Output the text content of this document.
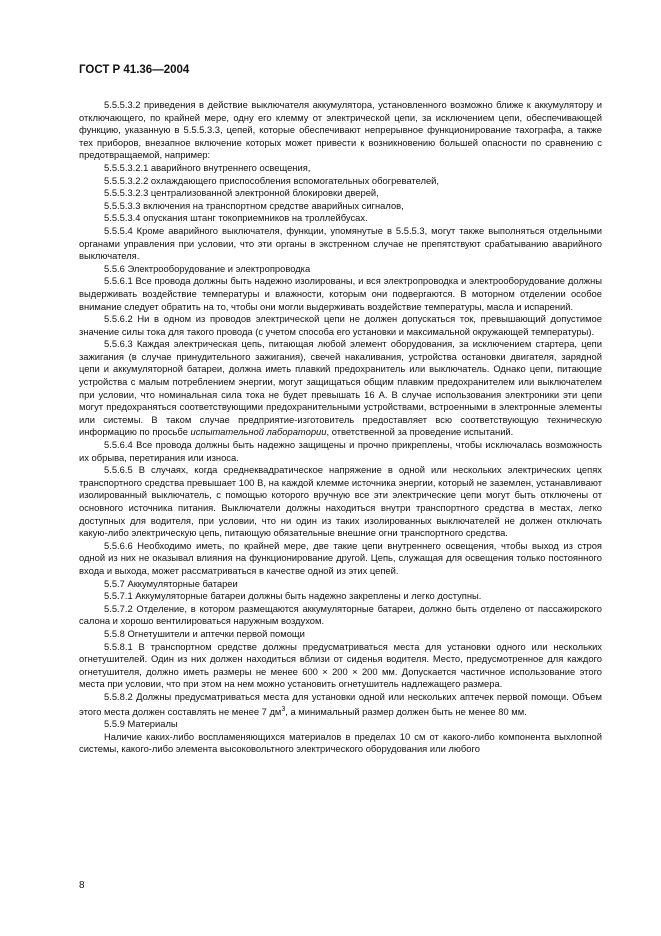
ГОСТ Р 41.36—2004

5.5.5.3.2 приведения в действие выключателя аккумулятора, установленного возможно ближе к аккумулятору и отключающего, по крайней мере, одну его клемму от электрической цепи, за исключением цепи, обеспечивающей функцию, указанную в 5.5.5.3.3, цепей, которые обеспечивают непрерывное функционирование тахографа, а также тех приборов, внезапное включение которых может привести к возникновению большей опасности по сравнению с предотвращаемой, например:

5.5.5.3.2.1 аварийного внутреннего освещения,

5.5.5.3.2.2 охлаждающего приспособления вспомогательных обогревателей,

5.5.5.3.2.3 централизованной электронной блокировки дверей,

5.5.5.3.3 включения на транспортном средстве аварийных сигналов,

5.5.5.3.4 опускания штанг токоприемников на троллейбусах.

5.5.5.4 Кроме аварийного выключателя, функции, упомянутые в 5.5.5.3, могут также выполняться отдельными органами управления при условии, что эти органы в экстренном случае не препятствуют срабатыванию аварийного выключателя.

5.5.6 Электрооборудование и электропроводка

5.5.6.1 Все провода должны быть надежно изолированы, и вся электропроводка и электрооборудование должны выдерживать воздействие температуры и влажности, которым они подвергаются. В моторном отделении особое внимание следует обратить на то, чтобы они могли выдерживать воздействие температуры, масла и испарений.

5.5.6.2 Ни в одном из проводов электрической цепи не должен допускаться ток, превышающий допустимое значение силы тока для такого провода (с учетом способа его установки и максимальной окружающей температуры).

5.5.6.3 Каждая электрическая цепь, питающая любой элемент оборудования, за исключением стартера, цепи зажигания (в случае принудительного зажигания), свечей накаливания, устройства остановки двигателя, зарядной цепи и аккумуляторной батареи, должна иметь плавкий предохранитель или выключатель. Однако цепи, питающие устройства с малым потреблением энергии, могут защищаться общим плавким предохранителем или выключателем при условии, что номинальная сила тока не будет превышать 16 А. В случае использования электроники эти цепи могут предохраняться соответствующими предохранительными устройствами, встроенными в электронные элементы или системы. В таком случае предприятие-изготовитель предоставляет всю соответствующую техническую информацию по просьбе испытательной лаборатории, ответственной за проведение испытаний.

5.5.6.4 Все провода должны быть надежно защищены и прочно прикреплены, чтобы исключалась возможность их обрыва, перетирания или износа.

5.5.6.5 В случаях, когда среднеквадратическое напряжение в одной или нескольких электрических цепях транспортного средства превышает 100 В, на каждой клемме источника энергии, который не заземлен, устанавливают изолированный выключатель, с помощью которого вручную все эти электрические цепи могут быть отключены от основного источника питания. Выключатели должны находиться внутри транспортного средства в местах, легко доступных для водителя, при условии, что ни один из таких изолированных выключателей не должен отключать какую-либо электрическую цепь, питающую обязательные внешние огни транспортного средства.

5.5.6.6 Необходимо иметь, по крайней мере, две такие цепи внутреннего освещения, чтобы выход из строя одной из них не оказывал влияния на функционирование другой. Цепь, служащая для освещения только постоянного входа и выхода, может рассматриваться в качестве одной из этих цепей.

5.5.7 Аккумуляторные батареи

5.5.7.1 Аккумуляторные батареи должны быть надежно закреплены и легко доступны.

5.5.7.2 Отделение, в котором размещаются аккумуляторные батареи, должно быть отделено от пассажирского салона и хорошо вентилироваться наружным воздухом.

5.5.8 Огнетушители и аптечки первой помощи

5.5.8.1 В транспортном средстве должны предусматриваться места для установки одного или нескольких огнетушителей. Один из них должен находиться вблизи от сиденья водителя. Место, предусмотренное для каждого огнетушителя, должно иметь размеры не менее 600 × 200 × 200 мм. Допускается частичное использование этого места при условии, что при этом на нем можно установить огнетушитель надлежащего размера.

5.5.8.2 Должны предусматриваться места для установки одной или нескольких аптечек первой помощи. Объем этого места должен составлять не менее 7 $дм^3$, а минимальный размер должен быть не менее 80 мм.

5.5.9 Материалы

Наличие каких-либо воспламеняющихся материалов в пределах 10 см от какого-либо компонента выхлопной системы, какого-либо элемента высоковольтного электрического оборудования или любого

8
